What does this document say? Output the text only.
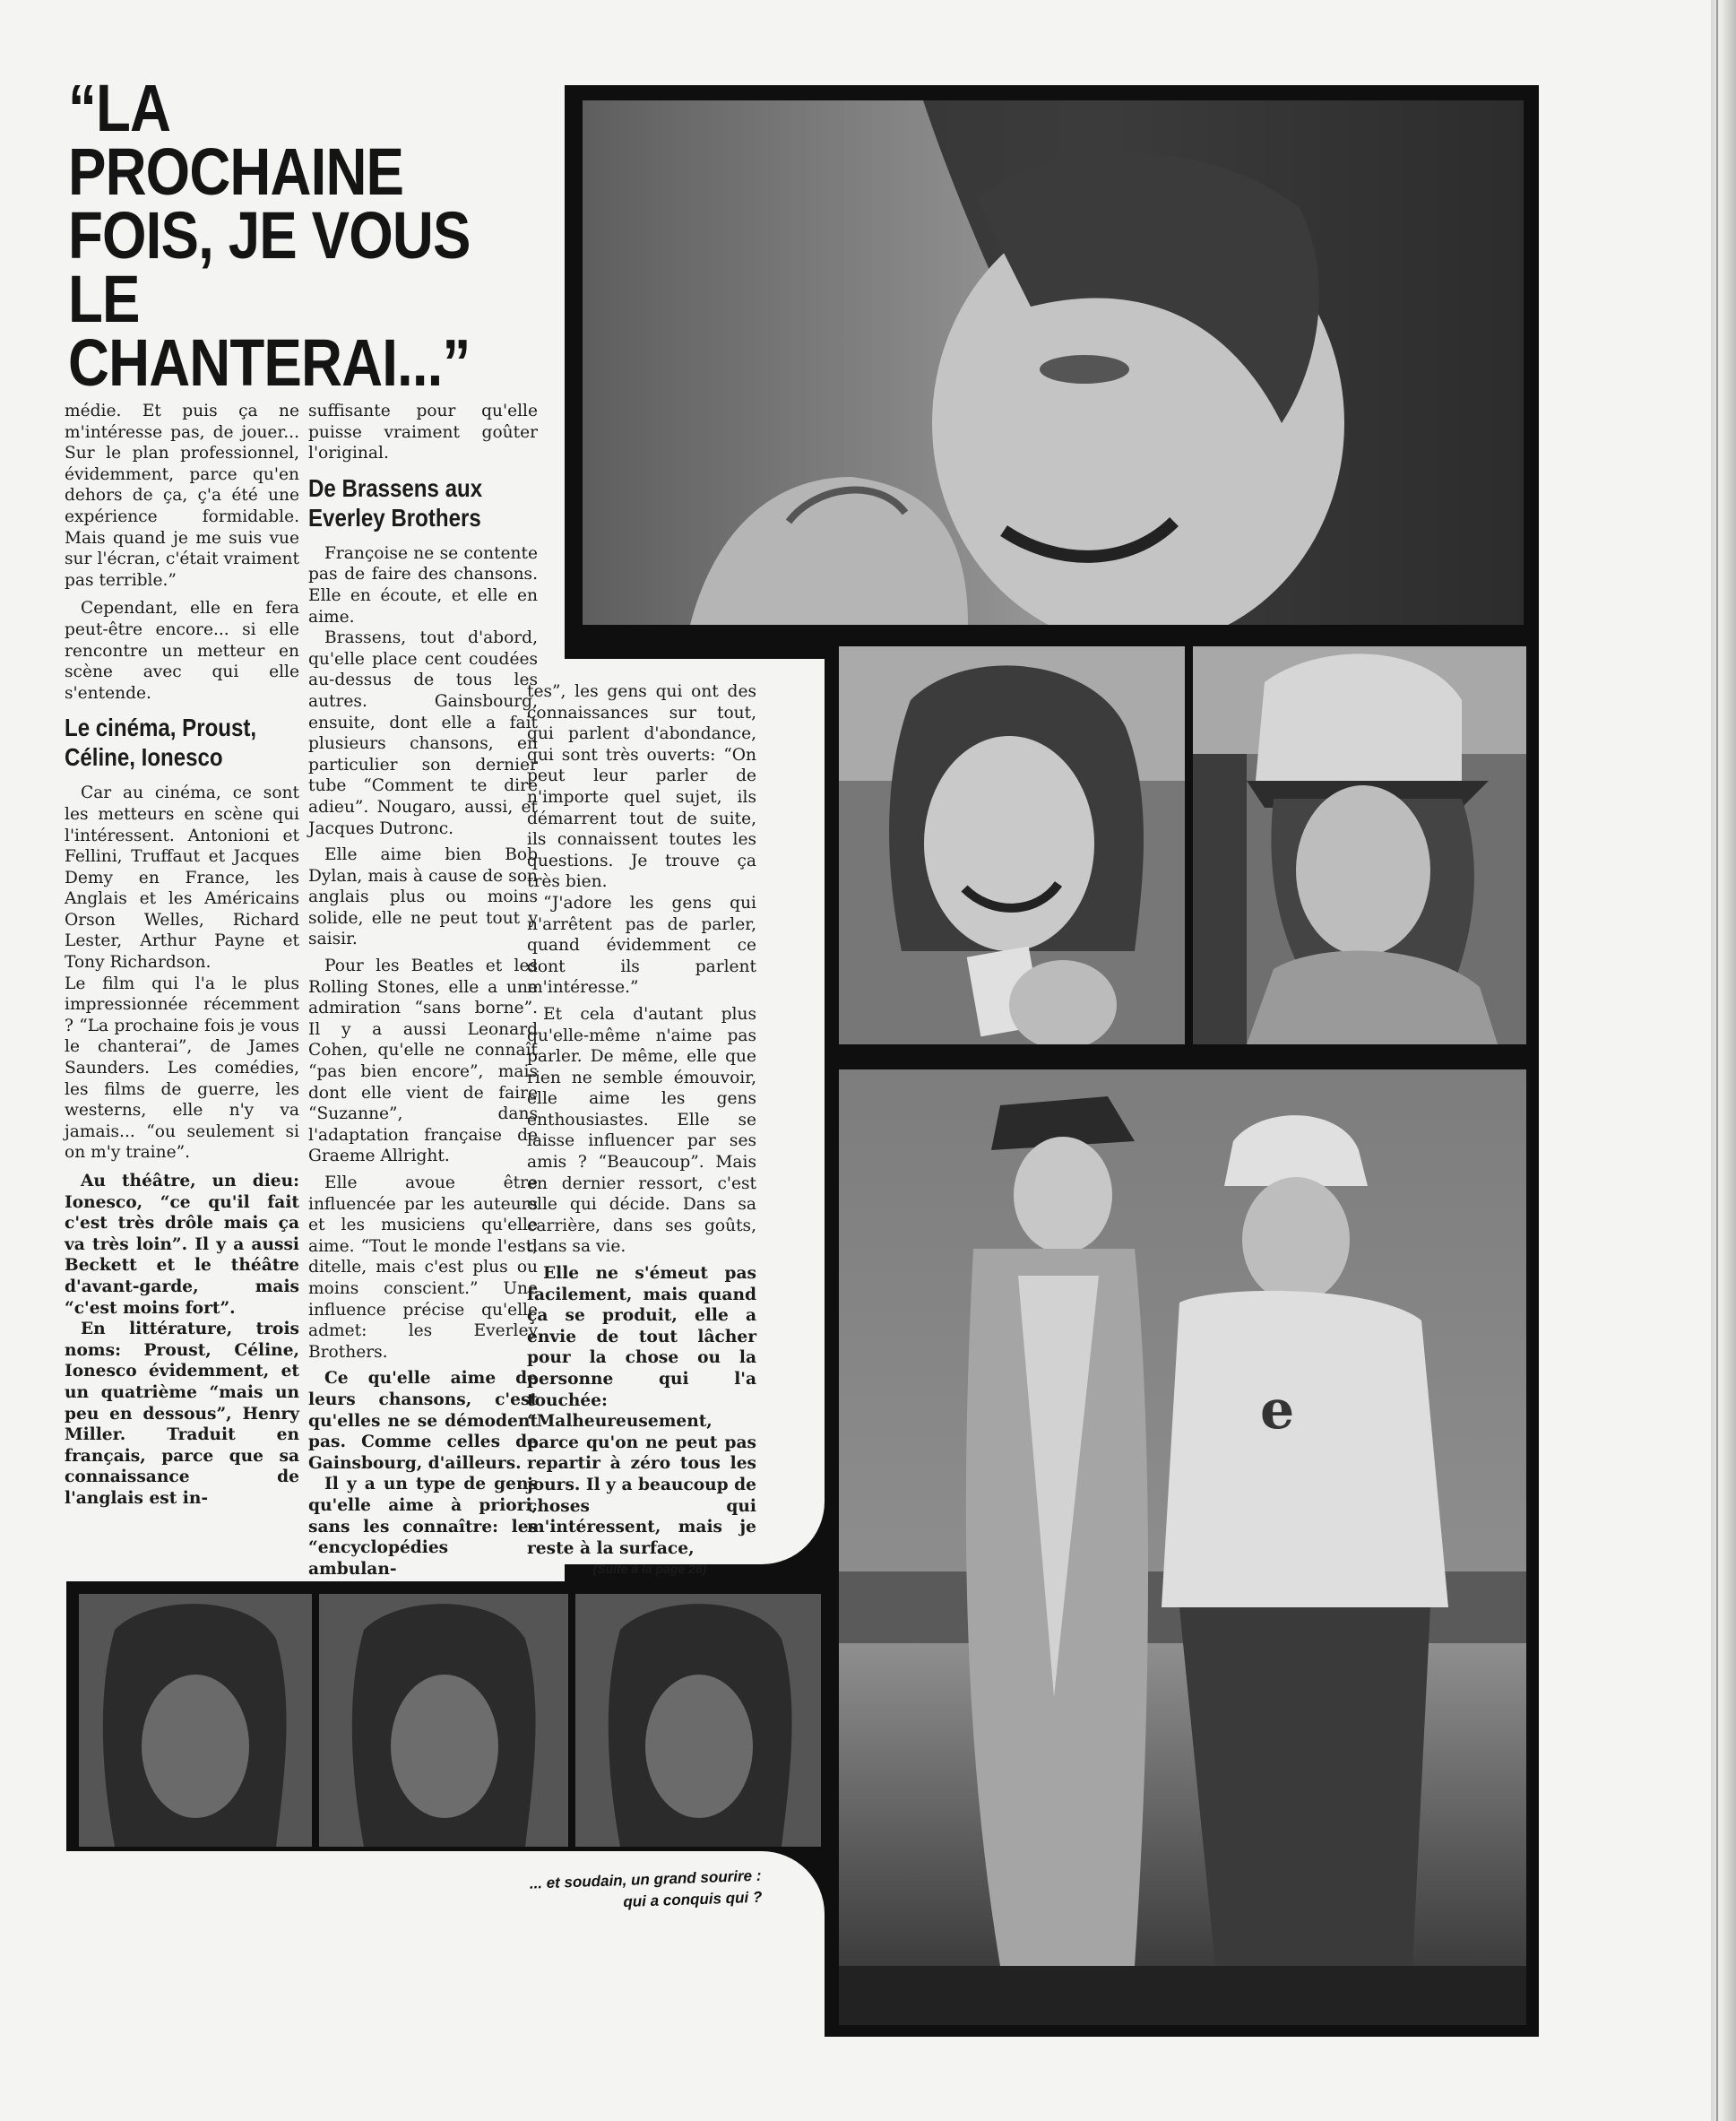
“LA PROCHAINE
FOIS, JE VOUS
LE CHANTERAI...”
e

médie. Et puis ça ne m'intéresse pas, de jouer... Sur le plan professionnel, évidemment, parce qu'en dehors de ça, ç'a été une expérience formidable. Mais quand je me suis vue sur l'écran, c'était vraiment pas terrible.”

Cependant, elle en fera peut-être encore... si elle rencontre un metteur en scène avec qui elle s'entende.

Le cinéma, Proust, Céline, Ionesco

Car au cinéma, ce sont les metteurs en scène qui l'intéressent. Antonioni et Fellini, Truffaut et Jacques Demy en France, les Anglais et les Américains Orson Welles, Richard Lester, Arthur Payne et Tony Richardson.

Le film qui l'a le plus impressionnée récemment ? “La prochaine fois je vous le chanterai”, de James Saunders. Les comédies, les films de guerre, les westerns, elle n'y va jamais... “ou seulement si on m'y traine”.

Au théâtre, un dieu: Ionesco, “ce qu'il fait c'est très drôle mais ça va très loin”. Il y a aussi Beckett et le théâtre d'avant-garde, mais “c'est moins fort”.

En littérature, trois noms: Proust, Céline, Ionesco évidemment, et un quatrième “mais un peu en dessous”, Henry Miller. Traduit en français, parce que sa connaissance de l'anglais est in-

suffisante pour qu'elle puisse vraiment goûter l'original.

De Brassens aux Everley Brothers

Françoise ne se contente pas de faire des chansons. Elle en écoute, et elle en aime.

Brassens, tout d'abord, qu'elle place cent coudées au-dessus de tous les autres. Gainsbourg, ensuite, dont elle a fait plusieurs chansons, en particulier son dernier tube “Comment te dire adieu”. Nougaro, aussi, et Jacques Dutronc.

Elle aime bien Bob Dylan, mais à cause de son anglais plus ou moins solide, elle ne peut tout y saisir.

Pour les Beatles et les Rolling Stones, elle a une admiration “sans borne”. Il y a aussi Leonard Cohen, qu'elle ne connaît “pas bien encore”, mais dont elle vient de faire “Suzanne”, dans l'adaptation française de Graeme Allright.

Elle avoue être influencée par les auteurs et les musiciens qu'elle aime. “Tout le monde l'est, ditelle, mais c'est plus ou moins conscient.” Une influence précise qu'elle admet: les Everley Brothers.

Ce qu'elle aime de leurs chansons, c'est qu'elles ne se démodent pas. Comme celles de Gainsbourg, d'ailleurs.

Il y a un type de gens qu'elle aime à priori, sans les connaître: les “encyclopédies ambulan-

tes”, les gens qui ont des connaissances sur tout, qui parlent d'abondance, qui sont très ouverts: “On peut leur parler de n'importe quel sujet, ils démarrent tout de suite, ils connaissent toutes les questions. Je trouve ça très bien.

“J'adore les gens qui n'arrêtent pas de parler, quand évidemment ce dont ils parlent m'intéresse.”

Et cela d'autant plus qu'elle-même n'aime pas parler. De même, elle que rien ne semble émouvoir, elle aime les gens enthousiastes. Elle se laisse influencer par ses amis ? “Beaucoup”. Mais en dernier ressort, c'est elle qui décide. Dans sa carrière, dans ses goûts, dans sa vie.

Elle ne s'émeut pas facilement, mais quand ça se produit, elle a envie de tout lâcher pour la chose ou la personne qui l'a touchée:

“Malheureusement, parce qu'on ne peut pas repartir à zéro tous les jours. Il y a beaucoup de choses qui m'intéressent, mais je reste à la surface,

(Suite à la page 28)

... et soudain, un grand sourire :
qui a conquis qui ?
